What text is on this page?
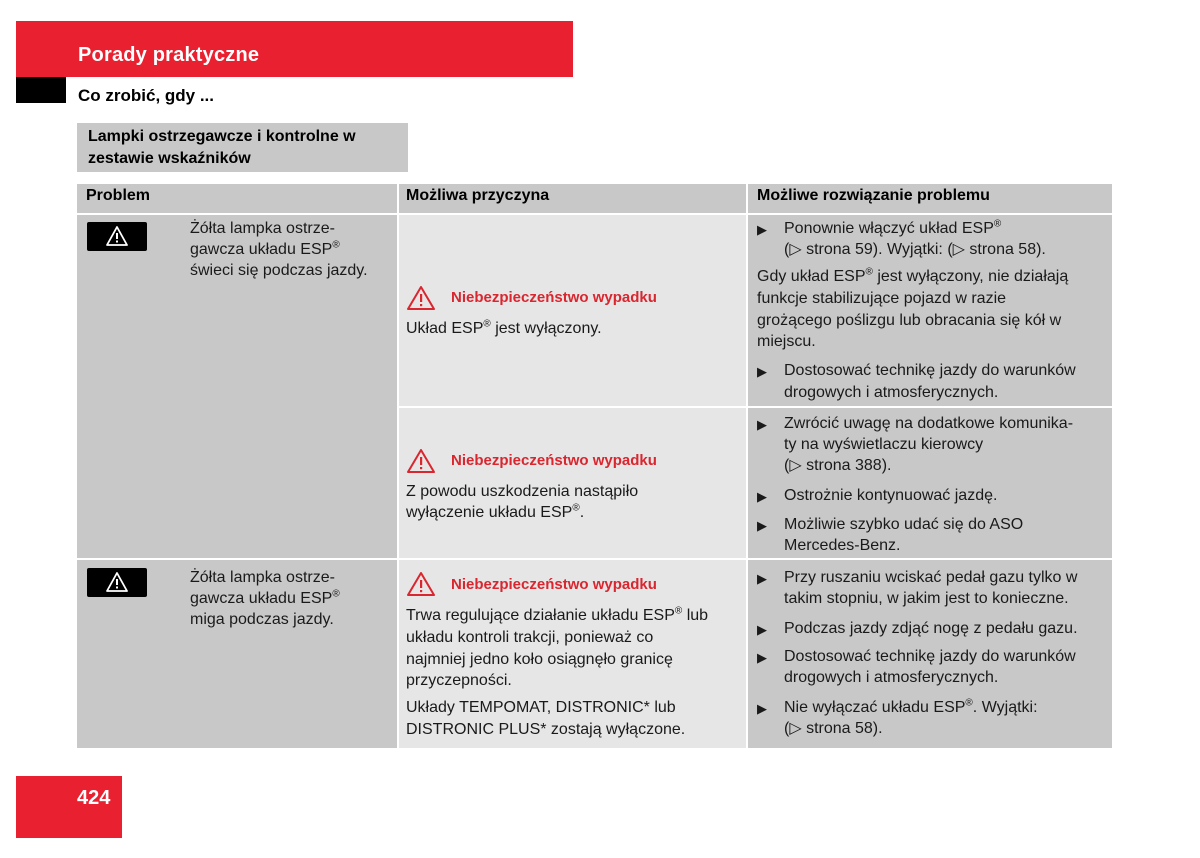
Porady praktyczne
Co zrobić, gdy ...
Lampki ostrzegawcze i kontrolne w zestawie wskaźników
Problem	Możliwa przyczyna	Możliwe rozwiązanie problemu
Żółta lampka ostrze-
gawcza układu ESP®
świeci się podczas jazdy.
Niebezpieczeństwo wypadku
Układ ESP® jest wyłączony.
▶ Ponownie włączyć układ ESP®
(▷ strona 59). Wyjątki: (▷ strona 58).
Gdy układ ESP® jest wyłączony, nie działają
funkcje stabilizujące pojazd w razie
grożącego poślizgu lub obracania się kół w
miejscu.
▶ Dostosować technikę jazdy do warunków
drogowych i atmosferycznych.
Niebezpieczeństwo wypadku
Z powodu uszkodzenia nastąpiło
wyłączenie układu ESP®.
▶ Zwrócić uwagę na dodatkowe komunika-
ty na wyświetlaczu kierowcy
(▷ strona 388).
▶ Ostrożnie kontynuować jazdę.
▶ Możliwie szybko udać się do ASO
Mercedes-Benz.
Żółta lampka ostrze-
gawcza układu ESP®
miga podczas jazdy.
Niebezpieczeństwo wypadku
Trwa regulujące działanie układu ESP® lub
układu kontroli trakcji, ponieważ co
najmniej jedno koło osiągnęło granicę
przyczepności.
Układy TEMPOMAT, DISTRONIC* lub
DISTRONIC PLUS* zostają wyłączone.
▶ Przy ruszaniu wciskać pedał gazu tylko w
takim stopniu, w jakim jest to konieczne.
▶ Podczas jazdy zdjąć nogę z pedału gazu.
▶ Dostosować technikę jazdy do warunków
drogowych i atmosferycznych.
▶ Nie wyłączać układu ESP®. Wyjątki:
(▷ strona 58).
424
